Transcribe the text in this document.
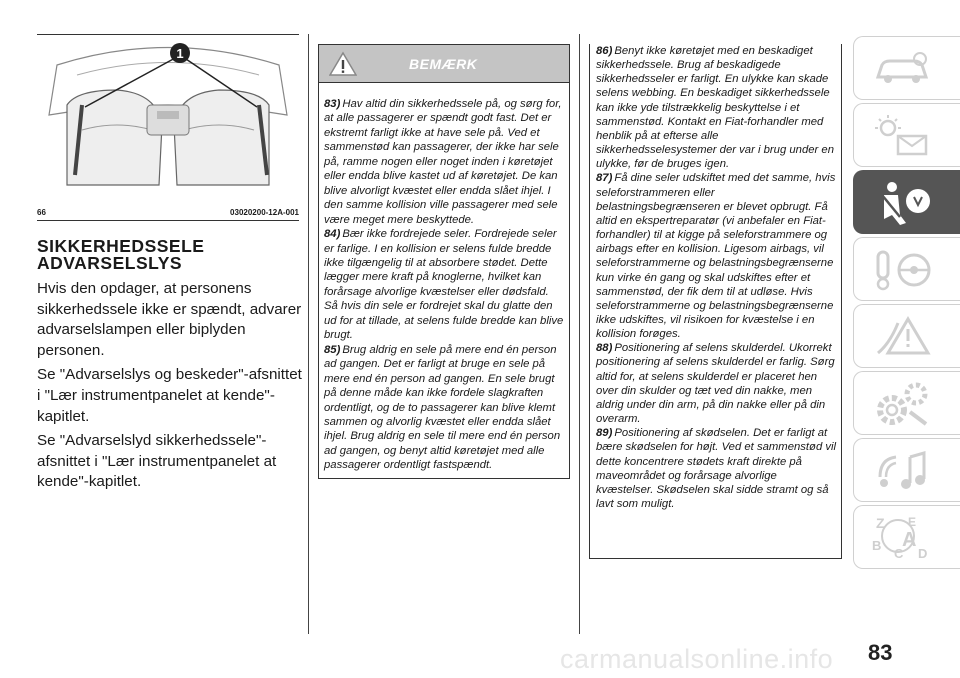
1
66	03020200-12A-001
SIKKERHEDSSELE
ADVARSELSLYS

Hvis den opdager, at personens sikkerhedssele ikke er spændt, advarer advarselslampen eller biplyden personen.

Se "Advarselslys og beskeder"-afsnittet i "Lær instrumentpanelet at kende"-kapitlet.

Se "Advarselslyd sikkerhedssele"-afsnittet i "Lær instrumentpanelet at kende"-kapitlet.

BEMÆRK

83) Hav altid din sikkerhedssele på, og sørg for, at alle passagerer er spændt godt fast. Det er ekstremt farligt ikke at have sele på. Ved et sammenstød kan passagerer, der ikke har sele på, ramme nogen eller noget inden i køretøjet eller endda blive kastet ud af køretøjet. De kan blive alvorligt kvæstet eller endda slået ihjel. I den samme kollision ville passagerer med sele være meget mere beskyttede.

84) Bær ikke fordrejede seler. Fordrejede seler er farlige. I en kollision er selens fulde bredde ikke tilgængelig til at absorbere stødet. Dette lægger mere kraft på knoglerne, hvilket kan forårsage alvorlige kvæstelser eller dødsfald. Så hvis din sele er fordrejet skal du glatte den ud for at tillade, at selens fulde bredde kan blive brugt.

85) Brug aldrig en sele på mere end én person ad gangen. Det er farligt at bruge en sele på mere end én person ad gangen. En sele brugt på denne måde kan ikke fordele slagkraften ordentligt, og de to passagerer kan blive klemt sammen og alvorlig kvæstet eller endda slået ihjel. Brug aldrig en sele til mere end én person ad gangen, og benyt altid køretøjet med alle passagerer ordentligt fastspændt.

86) Benyt ikke køretøjet med en beskadiget sikkerhedssele. Brug af beskadigede sikkerhedsseler er farligt. En ulykke kan skade selens webbing. En beskadiget sikkerhedssele kan ikke yde tilstrækkelig beskyttelse i et sammenstød. Kontakt en Fiat-forhandler med henblik på at efterse alle sikkerhedsselesystemer der var i brug under en ulykke, før de bruges igen.

87) Få dine seler udskiftet med det samme, hvis seleforstrammeren eller belastningsbegrænseren er blevet opbrugt. Få altid en ekspertreparatør (vi anbefaler en Fiat-forhandler) til at kigge på seleforstrammere og airbags efter en kollision. Ligesom airbags, vil seleforstrammerne og belastningsbegrænserne kun virke én gang og skal udskiftes efter et sammenstød, der fik dem til at udløse. Hvis seleforstrammerne og belastningsbegrænserne ikke udskiftes, vil risikoen for kvæstelse i en kollision forøges.

88) Positionering af selens skulderdel. Ukorrekt positionering af selens skulderdel er farlig. Sørg altid for, at selens skulderdel er placeret hen over din skulder og tæt ved din nakke, men aldrig under din arm, på din nakke eller på din overarm.

89) Positionering af skødselen. Det er farligt at bære skødselen for højt. Ved et sammenstød vil dette koncentrere stødets kraft direkte på maveområdet og forårsage alvorlige kvæstelser. Skødselen skal sidde stramt og så lavt som muligt.

Z E
B
C
A
D
carmanualsonline.info 83
